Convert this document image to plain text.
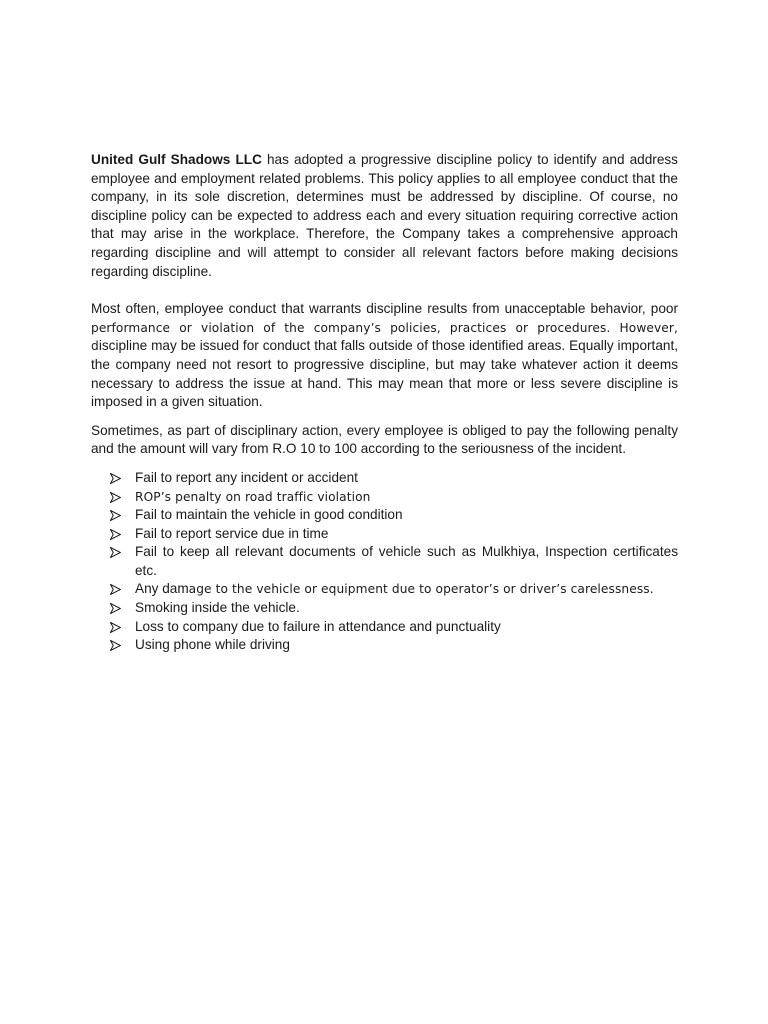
United Gulf Shadows LLC has adopted a progressive discipline policy to identify and address employee and employment related problems. This policy applies to all employee conduct that the company, in its sole discretion, determines must be addressed by discipline. Of course, no discipline policy can be expected to address each and every situation requiring corrective action that may arise in the workplace. Therefore, the Company takes a comprehensive approach regarding discipline and will attempt to consider all relevant factors before making decisions regarding discipline.

Most often, employee conduct that warrants discipline results from unacceptable behavior, poor performance or violation of the company’s policies, practices or procedures. However, discipline may be issued for conduct that falls outside of those identified areas. Equally important, the company need not resort to progressive discipline, but may take whatever action it deems necessary to address the issue at hand. This may mean that more or less severe discipline is imposed in a given situation.

Sometimes, as part of disciplinary action, every employee is obliged to pay the following penalty and the amount will vary from R.O 10 to 100 according to the seriousness of the incident.

Fail to report any incident or accident
ROP’s penalty on road traffic violation
Fail to maintain the vehicle in good condition
Fail to report service due in time
Fail to keep all relevant documents of vehicle such as Mulkhiya, Inspection certificates etc.
Any damage to the vehicle or equipment due to operator’s or driver’s carelessness.
Smoking inside the vehicle.
Loss to company due to failure in attendance and punctuality
Using phone while driving
